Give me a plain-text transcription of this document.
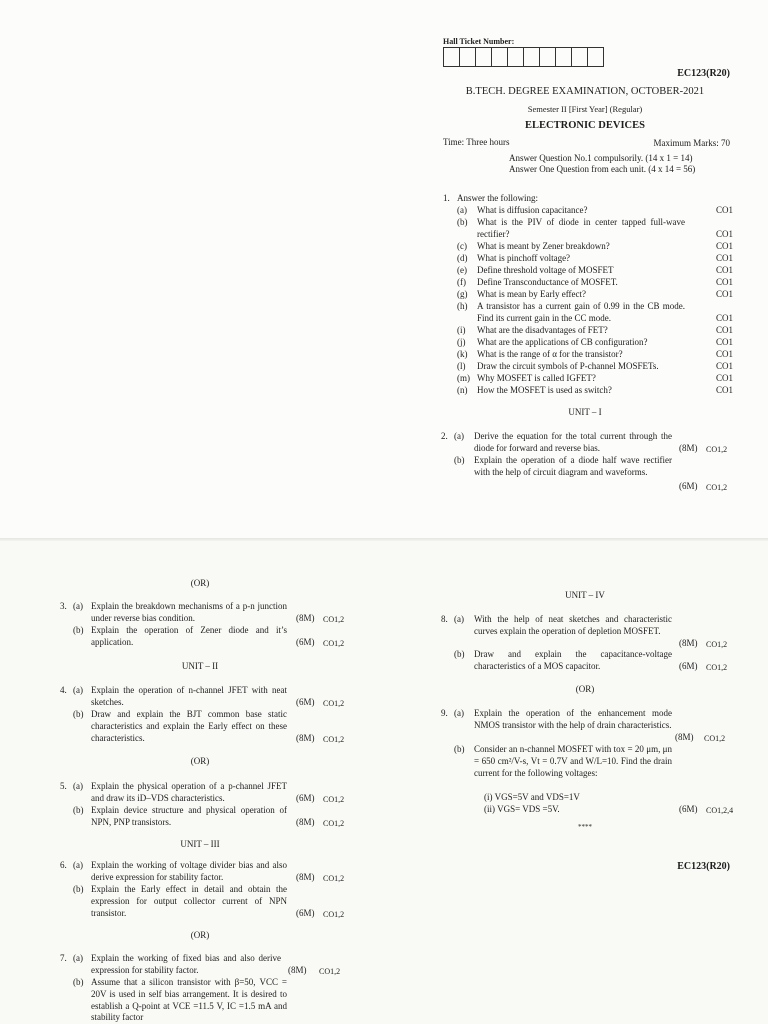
Hall Ticket Number:
EC123(R20)
B.TECH. DEGREE EXAMINATION, OCTOBER-2021
Semester II [First Year] (Regular)
ELECTRONIC DEVICES
Time: Three hours	Maximum Marks: 70
Answer Question No.1 compulsorily. (14 x 1 = 14)
Answer One Question from each unit. (4 x 14 = 56)
1. Answer the following:
(a) What is diffusion capacitance?	CO1
(b) What is the PIV of diode in center tapped full-wave rectifier?	CO1
(c) What is meant by Zener breakdown?	CO1
(d) What is pinchoff voltage?	CO1
(e) Define threshold voltage of MOSFET	CO1
(f) Define Transconductance of MOSFET.	CO1
(g) What is mean by Early effect?	CO1
(h) A transistor has a current gain of 0.99 in the CB mode. Find its current gain in the CC mode.	CO1
(i) What are the disadvantages of FET?	CO1
(j) What are the applications of CB configuration?	CO1
(k) What is the range of α for the transistor?	CO1
(l) Draw the circuit symbols of P-channel MOSFETs.	CO1
(m) Why MOSFET is called IGFET?	CO1
(n) How the MOSFET is used as switch?	CO1
UNIT – I
2. (a) Derive the equation for the total current through the diode for forward and reverse bias.	(8M) CO1,2
(b) Explain the operation of a diode half wave rectifier with the help of circuit diagram and waveforms.
(6M) CO1,2
(OR)
3. (a) Explain the breakdown mechanisms of a p-n junction under reverse bias condition.	(8M) CO1,2
(b) Explain the operation of Zener diode and it’s application.	(6M) CO1,2
UNIT – II
4. (a) Explain the operation of n-channel JFET with neat sketches.	(6M) CO1,2
(b) Draw and explain the BJT common base static characteristics and explain the Early effect on these characteristics.	(8M) CO1,2
(OR)
5. (a) Explain the physical operation of a p-channel JFET and draw its iD–VDS characteristics.	(6M) CO1,2
(b) Explain device structure and physical operation of NPN, PNP transistors.	(8M) CO1,2
UNIT – III
6. (a) Explain the working of voltage divider bias and also derive expression for stability factor.	(8M) CO1,2
(b) Explain the Early effect in detail and obtain the expression for output collector current of NPN transistor.	(6M) CO1,2
(OR)
7. (a) Explain the working of fixed bias and also derive expression for stability factor.	(8M) CO1,2
(b) Assume that a silicon transistor with β=50, VCC = 20V is used in self bias arrangement. It is desired to establish a Q-point at VCE =11.5 V, IC =1.5 mA and stability factor
UNIT – IV
8. (a) With the help of neat sketches and characteristic curves explain the operation of depletion MOSFET.
(8M) CO1,2
(b) Draw and explain the capacitance-voltage characteristics of a MOS capacitor.	(6M) CO1,2
(OR)
9. (a) Explain the operation of the enhancement mode NMOS transistor with the help of drain characteristics.
(8M) CO1,2
(b) Consider an n-channel MOSFET with tox = 20 μm, μn = 650 cm²/V-s, Vt = 0.7V and W/L=10. Find the drain current for the following voltages:
(i) VGS=5V and VDS=1V
(ii) VGS= VDS =5V.	(6M) CO1,2,4
****
EC123(R20)
